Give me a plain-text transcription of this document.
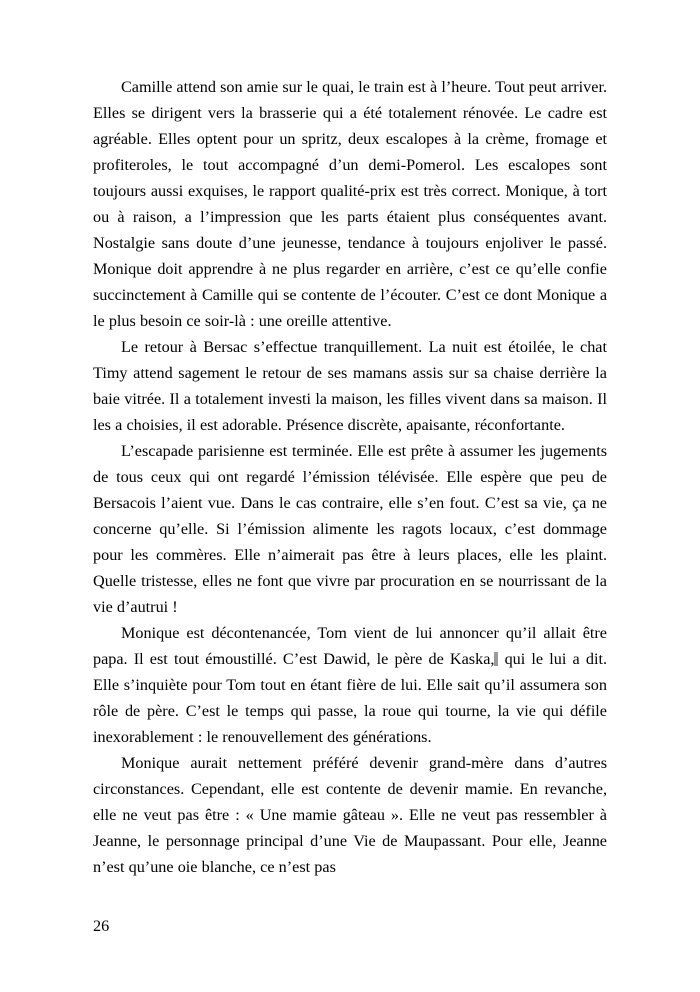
Camille attend son amie sur le quai, le train est à l’heure. Tout peut arriver. Elles se dirigent vers la brasserie qui a été totalement rénovée. Le cadre est agréable. Elles optent pour un spritz, deux escalopes à la crème, fromage et profiteroles, le tout accompagné d’un demi-Pomerol. Les escalopes sont toujours aussi exquises, le rapport qualité-prix est très correct. Monique, à tort ou à raison, a l’impression que les parts étaient plus conséquentes avant. Nostalgie sans doute d’une jeunesse, tendance à toujours enjoliver le passé. Monique doit apprendre à ne plus regarder en arrière, c’est ce qu’elle confie succinctement à Camille qui se contente de l’écouter. C’est ce dont Monique a le plus besoin ce soir-là : une oreille attentive.

Le retour à Bersac s’effectue tranquillement. La nuit est étoilée, le chat Timy attend sagement le retour de ses mamans assis sur sa chaise derrière la baie vitrée. Il a totalement investi la maison, les filles vivent dans sa maison. Il les a choisies, il est adorable. Présence discrète, apaisante, réconfortante.

L’escapade parisienne est terminée. Elle est prête à assumer les jugements de tous ceux qui ont regardé l’émission télévisée. Elle espère que peu de Bersacois l’aient vue. Dans le cas contraire, elle s’en fout. C’est sa vie, ça ne concerne qu’elle. Si l’émission alimente les ragots locaux, c’est dommage pour les commères. Elle n’aimerait pas être à leurs places, elle les plaint. Quelle tristesse, elles ne font que vivre par procuration en se nourrissant de la vie d’autrui !

Monique est décontenancée, Tom vient de lui annoncer qu’il allait être papa. Il est tout émoustillé. C’est Dawid, le père de Kaska, qui le lui a dit. Elle s’inquiète pour Tom tout en étant fière de lui. Elle sait qu’il assumera son rôle de père. C’est le temps qui passe, la roue qui tourne, la vie qui défile inexorablement : le renouvellement des générations.

Monique aurait nettement préféré devenir grand-mère dans d’autres circonstances. Cependant, elle est contente de devenir mamie. En revanche, elle ne veut pas être : « Une mamie gâteau ». Elle ne veut pas ressembler à Jeanne, le personnage principal d’une Vie de Maupassant. Pour elle, Jeanne n’est qu’une oie blanche, ce n’est pas

26
